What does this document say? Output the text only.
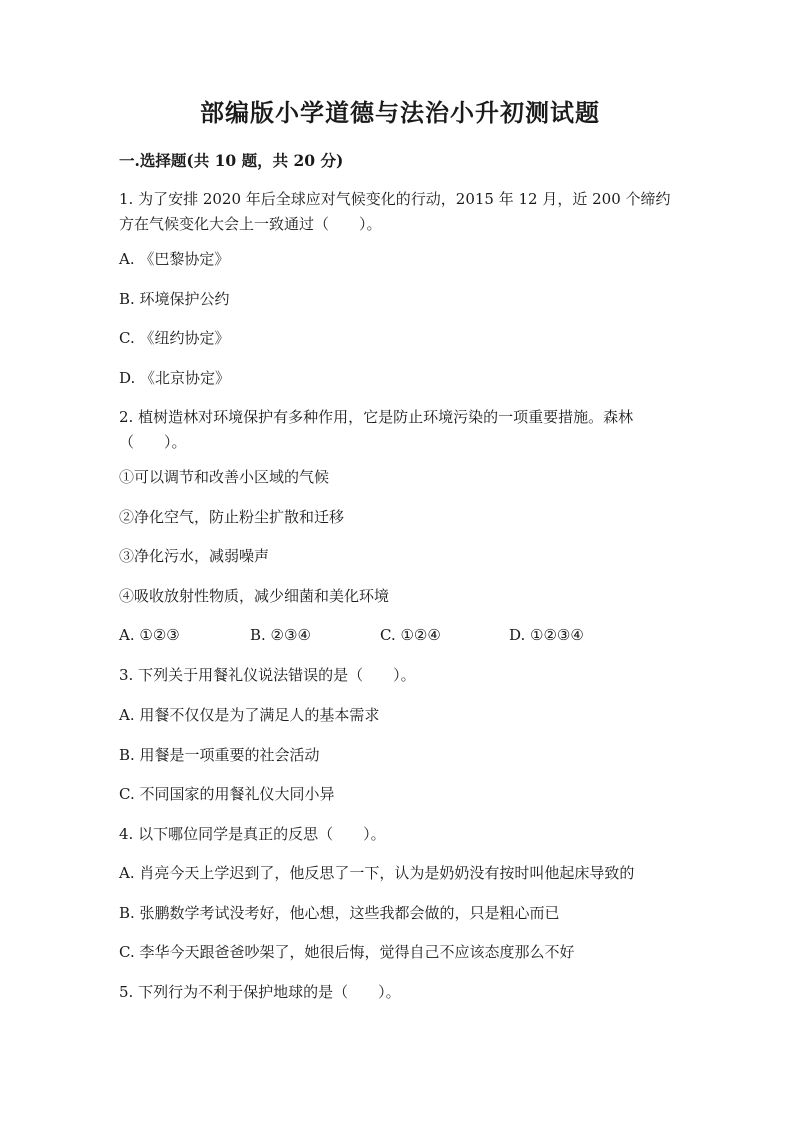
部编版小学道德与法治小升初测试题
一.选择题(共 10 题，共 20 分)
1. 为了安排 2020 年后全球应对气候变化的行动，2015 年 12 月，近 200 个缔约
方在气候变化大会上一致通过（　　）。
A. 《巴黎协定》
B. 环境保护公约
C. 《纽约协定》
D. 《北京协定》
2. 植树造林对环境保护有多种作用，它是防止环境污染的一项重要措施。森林
（　　）。
①可以调节和改善小区域的气候
②净化空气，防止粉尘扩散和迁移
③净化污水，减弱噪声
④吸收放射性物质，减少细菌和美化环境
A. ①②③	B. ②③④	C. ①②④	D. ①②③④
3. 下列关于用餐礼仪说法错误的是（　　）。
A. 用餐不仅仅是为了满足人的基本需求
B. 用餐是一项重要的社会活动
C. 不同国家的用餐礼仪大同小异
4. 以下哪位同学是真正的反思（　　）。
A. 肖亮今天上学迟到了，他反思了一下，认为是奶奶没有按时叫他起床导致的
B. 张鹏数学考试没考好，他心想，这些我都会做的，只是粗心而已
C. 李华今天跟爸爸吵架了，她很后悔，觉得自己不应该态度那么不好
5. 下列行为不利于保护地球的是（　　）。
